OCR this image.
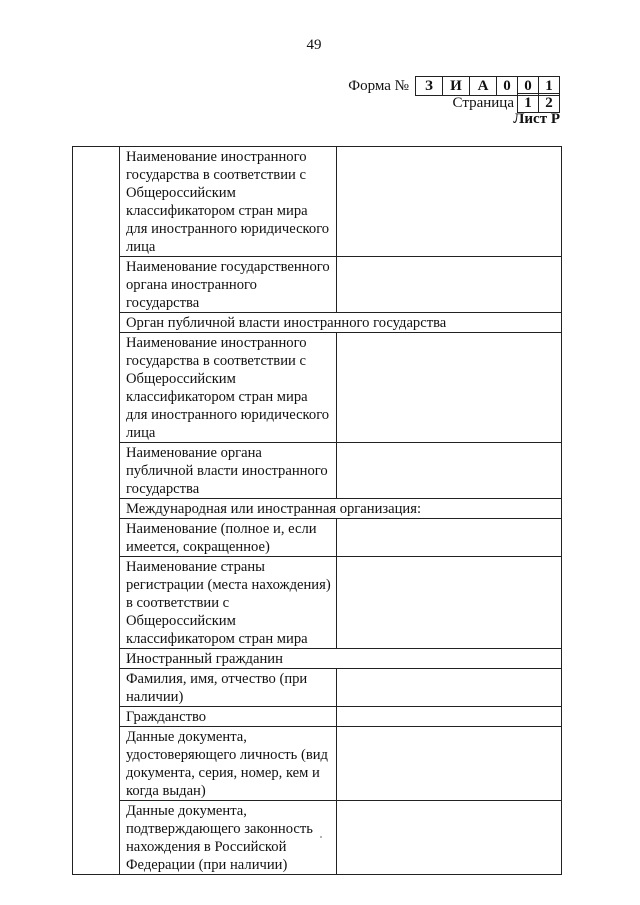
49
Форма №	З	И	А 0 0 1
Страница 1 2
Лист Р
	Наименование иностранного государства в соответствии с Общероссийским классификатором стран мира для иностранного юридического лица	
	Наименование государственного органа иностранного государства	
	Орган публичной власти иностранного государства	
	Наименование иностранного государства в соответствии с Общероссийским классификатором стран мира для иностранного юридического лица	
	Наименование органа публичной власти иностранного государства	
	Международная или иностранная организация:	
	Наименование (полное и, если имеется, сокращенное)	
	Наименование страны регистрации (места нахождения) в соответствии с Общероссийским классификатором стран мира	
	Иностранный гражданин	
	Фамилия, имя, отчество (при наличии)	
	Гражданство	
	Данные документа, удостоверяющего личность (вид документа, серия, номер, кем и когда выдан)	
	Данные документа, подтверждающего законность нахождения в Российской Федерации (при наличии)	
